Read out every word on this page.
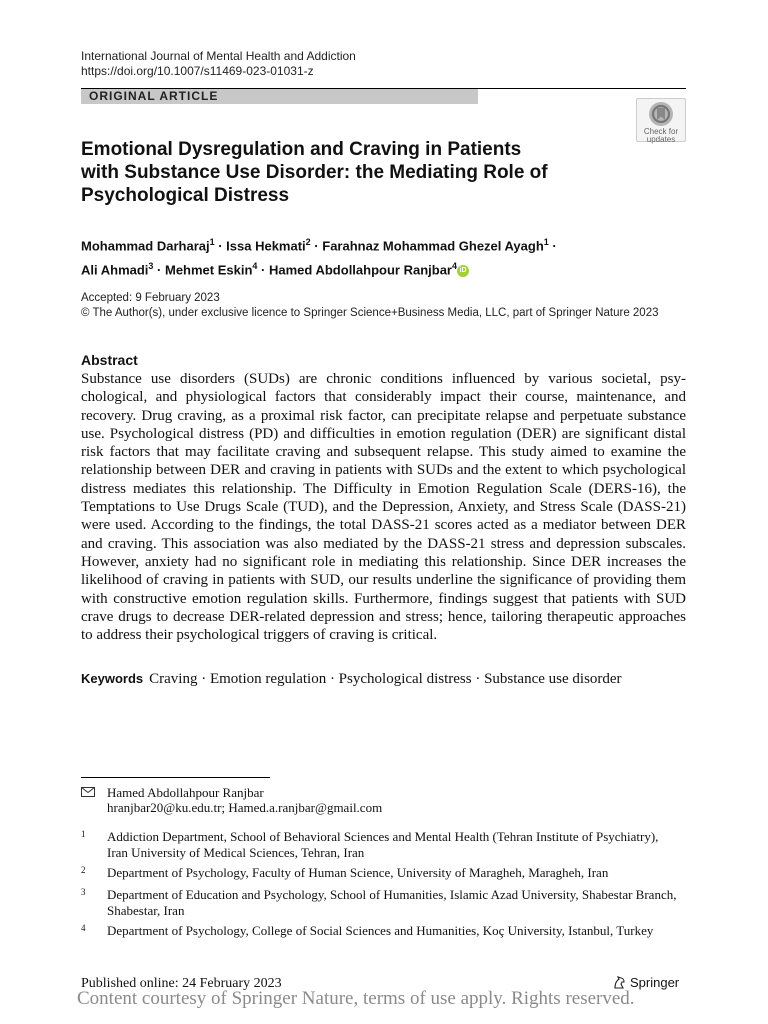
International Journal of Mental Health and Addiction
https://doi.org/10.1007/s11469-023-01031-z
ORIGINAL ARTICLE
Check for updates
Emotional Dysregulation and Craving in Patients with Substance Use Disorder: the Mediating Role of Psychological Distress
Mohammad Darharaj$^1$ · Issa Hekmati$^2$ · Farahnaz Mohammad Ghezel Ayagh$^1$ ·
Ali Ahmadi$^3$ · Mehmet Eskin$^4$ · Hamed Abdollahpour Ranjbar$^4$ iD
Accepted: 9 February 2023
© The Author(s), under exclusive licence to Springer Science+Business Media, LLC, part of Springer Nature 2023
Abstract

Substance use disorders (SUDs) are chronic conditions influenced by various societal, psychological, and physiological factors that considerably impact their course, maintenance, and recovery. Drug craving, as a proximal risk factor, can precipitate relapse and perpetuate substance use. Psychological distress (PD) and difficulties in emotion regulation (DER) are significant distal risk factors that may facilitate craving and subsequent relapse. This study aimed to examine the relationship between DER and craving in patients with SUDs and the extent to which psychological distress mediates this relationship. The Difficulty in Emotion Regulation Scale (DERS-16), the Temptations to Use Drugs Scale (TUD), and the Depression, Anxiety, and Stress Scale (DASS-21) were used. According to the findings, the total DASS-21 scores acted as a mediator between DER and craving. This association was also mediated by the DASS-21 stress and depression subscales. However, anxiety had no significant role in mediating this relationship. Since DER increases the likelihood of craving in patients with SUD, our results underline the significance of providing them with constructive emotion regulation skills. Furthermore, findings suggest that patients with SUD crave drugs to decrease DER-related depression and stress; hence, tailoring therapeutic approaches to address their psychological triggers of craving is critical.

Keywords Craving · Emotion regulation · Psychological distress · Substance use disorder
Hamed Abdollahpour Ranjbar
hranjbar20@ku.edu.tr; Hamed.a.ranjbar@gmail.com
1 Addiction Department, School of Behavioral Sciences and Mental Health (Tehran Institute of Psychiatry), Iran University of Medical Sciences, Tehran, Iran
2 Department of Psychology, Faculty of Human Science, University of Maragheh, Maragheh, Iran
3 Department of Education and Psychology, School of Humanities, Islamic Azad University, Shabestar Branch, Shabestar, Iran
4 Department of Psychology, College of Social Sciences and Humanities, Koç University, Istanbul, Turkey
Published online: 24 February 2023	Springer
Content courtesy of Springer Nature, terms of use apply. Rights reserved.
